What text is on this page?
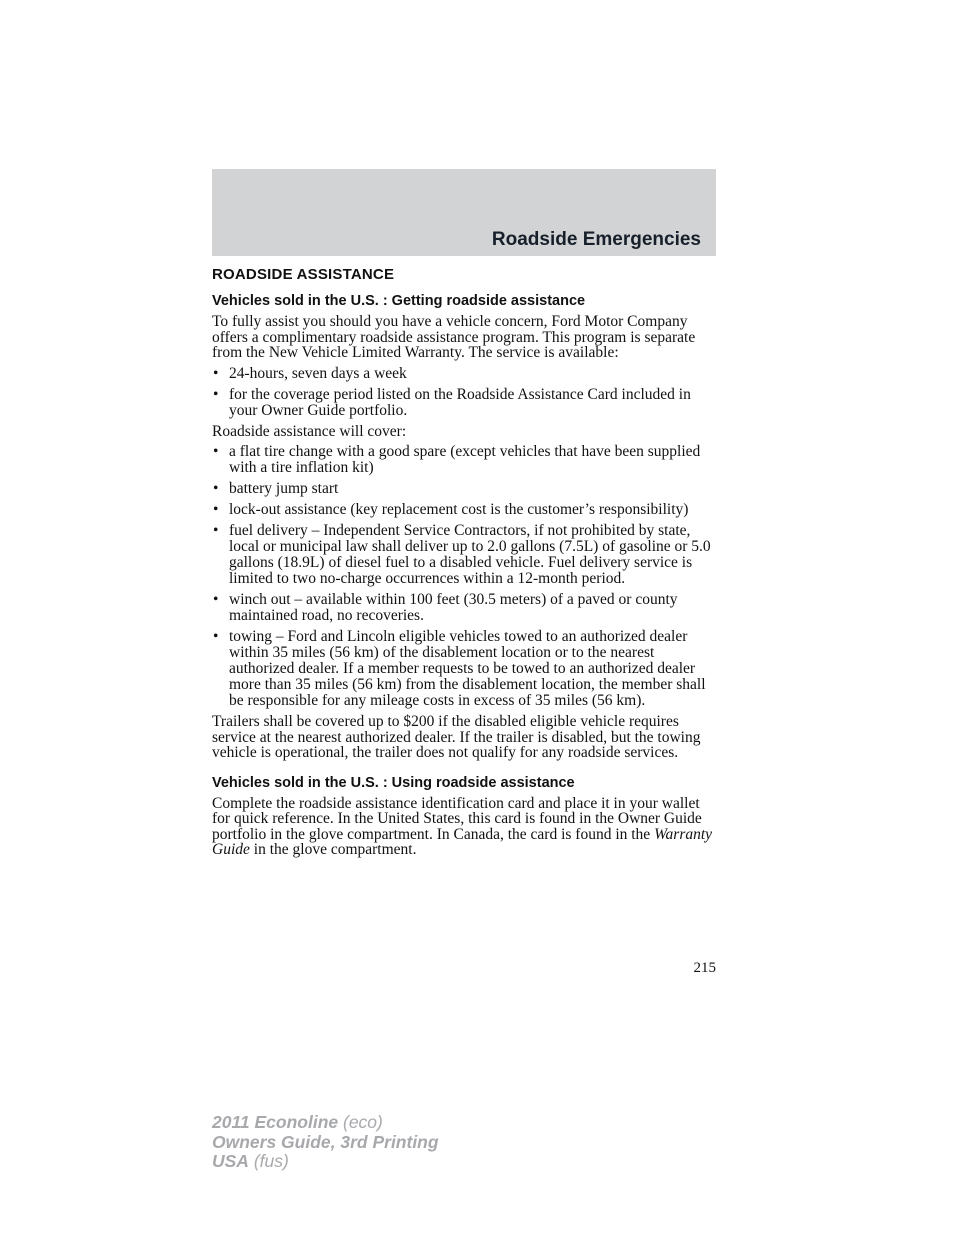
Roadside Emergencies
ROADSIDE ASSISTANCE
Vehicles sold in the U.S. : Getting roadside assistance

To fully assist you should you have a vehicle concern, Ford Motor Company offers a complimentary roadside assistance program. This program is separate from the New Vehicle Limited Warranty. The service is available:

• 24-hours, seven days a week
• for the coverage period listed on the Roadside Assistance Card included in your Owner Guide portfolio.

Roadside assistance will cover:

• a flat tire change with a good spare (except vehicles that have been supplied with a tire inflation kit)
• battery jump start
• lock-out assistance (key replacement cost is the customer’s responsibility)
• fuel delivery – Independent Service Contractors, if not prohibited by state, local or municipal law shall deliver up to 2.0 gallons (7.5L) of gasoline or 5.0 gallons (18.9L) of diesel fuel to a disabled vehicle. Fuel delivery service is limited to two no-charge occurrences within a 12-month period.
• winch out – available within 100 feet (30.5 meters) of a paved or county maintained road, no recoveries.
• towing – Ford and Lincoln eligible vehicles towed to an authorized dealer within 35 miles (56 km) of the disablement location or to the nearest authorized dealer. If a member requests to be towed to an authorized dealer more than 35 miles (56 km) from the disablement location, the member shall be responsible for any mileage costs in excess of 35 miles (56 km).

Trailers shall be covered up to $200 if the disabled eligible vehicle requires service at the nearest authorized dealer. If the trailer is disabled, but the towing vehicle is operational, the trailer does not qualify for any roadside services.

Vehicles sold in the U.S. : Using roadside assistance

Complete the roadside assistance identification card and place it in your wallet for quick reference. In the United States, this card is found in the Owner Guide portfolio in the glove compartment. In Canada, the card is found in the Warranty Guide in the glove compartment.

215
2011 Econoline (eco)
Owners Guide, 3rd Printing
USA (fus)
